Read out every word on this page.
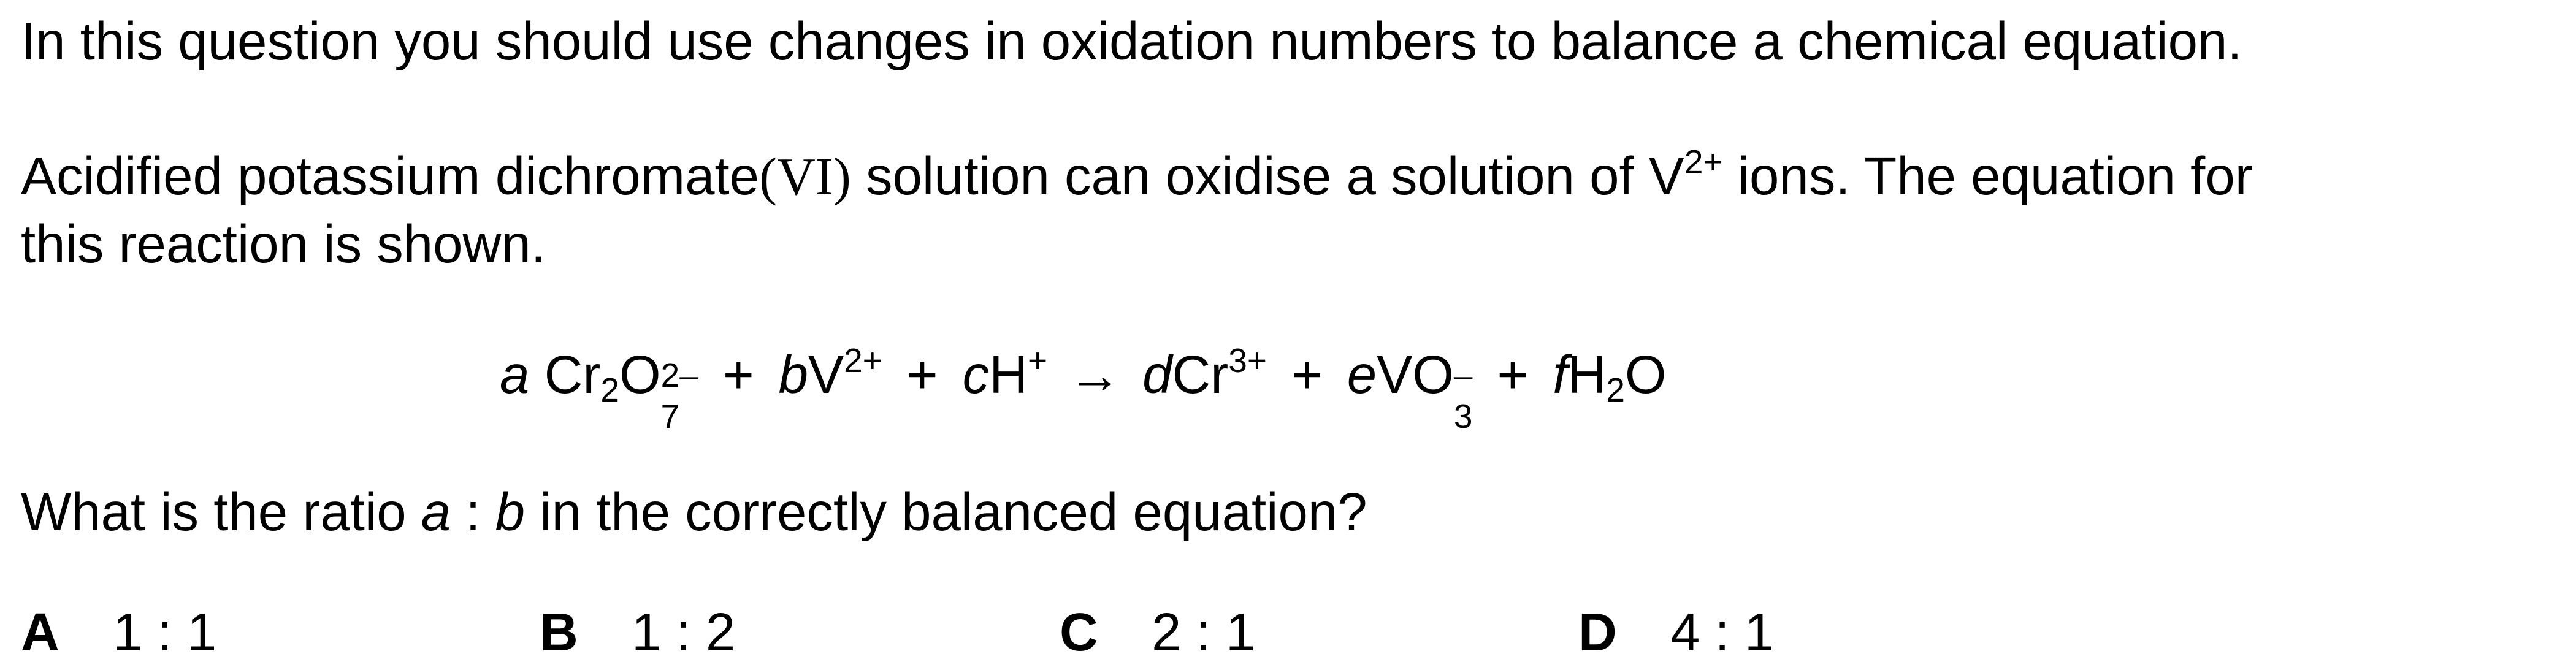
In this question you should use changes in oxidation numbers to balance a chemical equation.
Acidified potassium dichromate(VI) solution can oxidise a solution of $V^{2+}$ ions. The equation for
this reaction is shown.
a $Cr_2O$ 2–
7
+ $bV^{2+} + cH^+ \to dCr^{3+}$ + eVO –
3
+ $fH_2O$
What is the ratio a : b in the correctly balanced equation?
A 1 : 1	B 1 : 2	C 2 : 1	D 4 : 1
